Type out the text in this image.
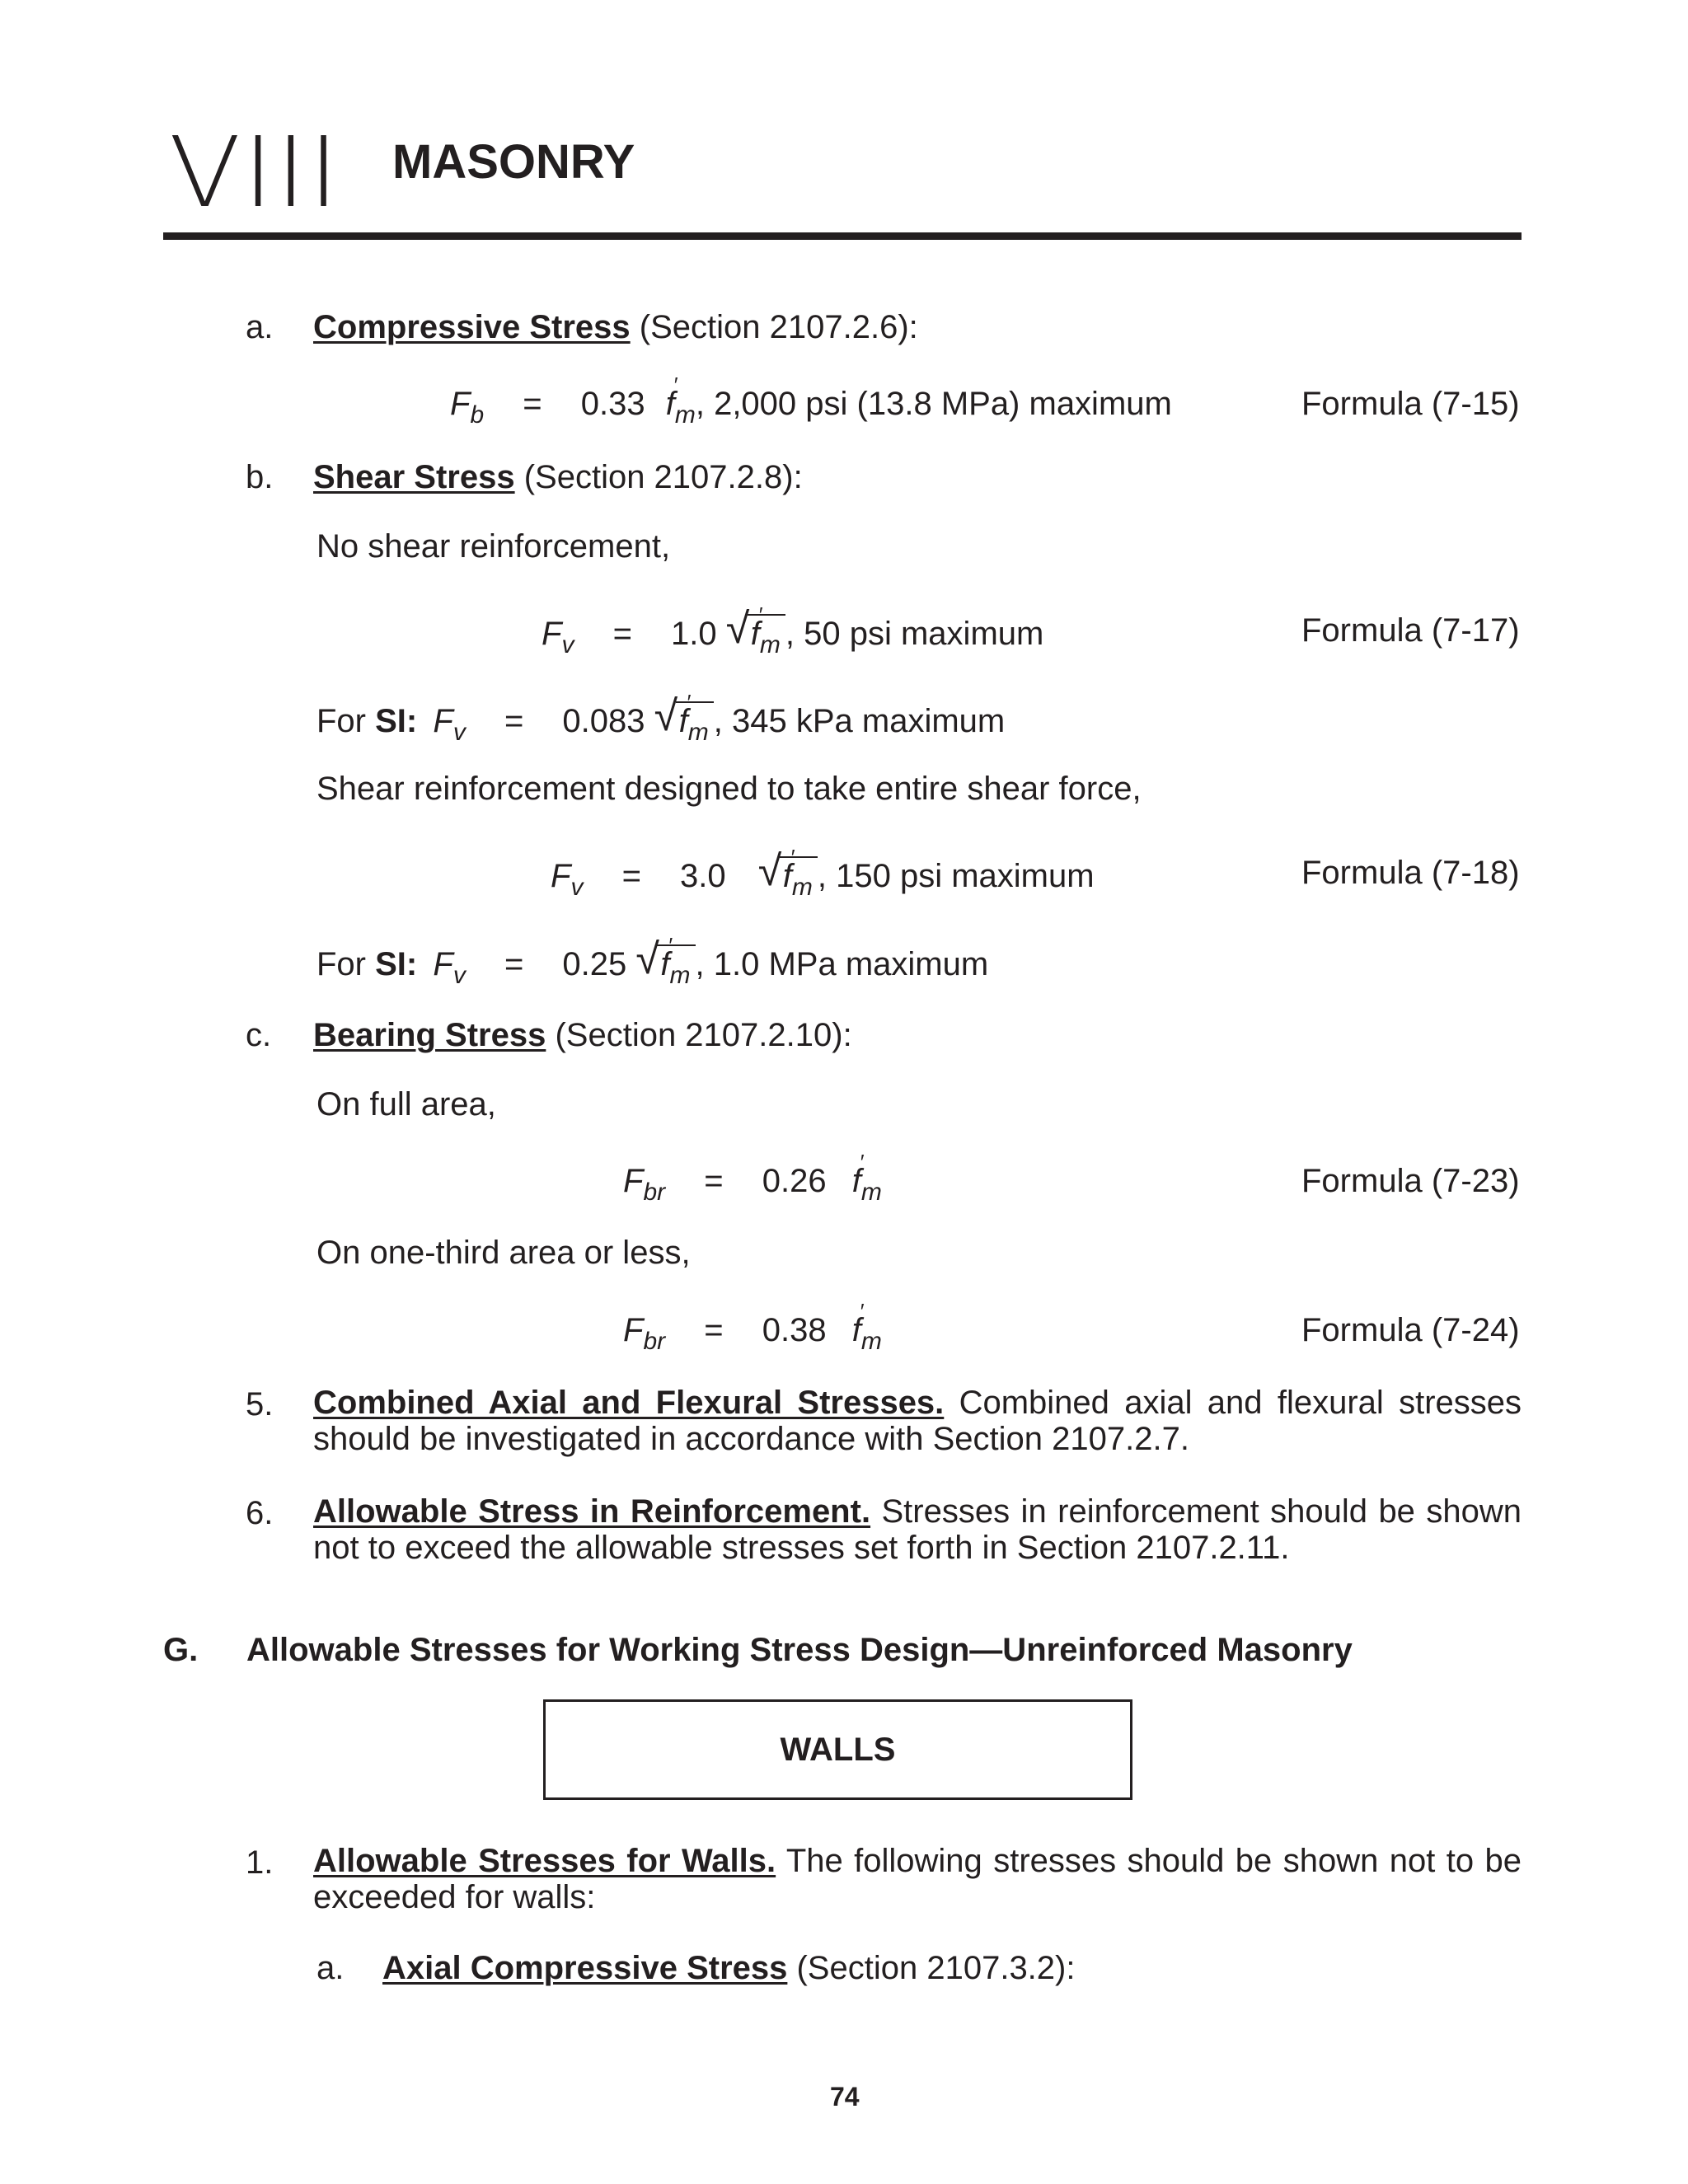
VIII MASONRY
a. Compressive Stress (Section 2107.2.6):
$F_b = 0.33$ f $'_m$, 2,000 psi (13.8 MPa) maximum	Formula (7-15)
b. Shear Stress (Section 2107.2.8):
No shear reinforcement,
$F_v = 1.0$ √ f $'_m$ , 50 psi maximum	Formula (7-17)
For SI: $F_v = 0.083$ √ f $'_m$ , 345 kPa maximum
Shear reinforcement designed to take entire shear force,
$F_v = 3.0$ √ f $'_m$ , 150 psi maximum	Formula (7-18)
For SI: $F_v = 0.25$ √ f $'_m$ , 1.0 MPa maximum
c. Bearing Stress (Section 2107.2.10):
On full area,
$F_{br} = 0.26$ f $'_m$	Formula (7-23)
On one-third area or less,
$F_{br} = 0.38$ f $'_m$	Formula (7-24)
5. Combined Axial and Flexural Stresses. Combined axial and flexural stresses should be investigated in accordance with Section 2107.2.7.
6. Allowable Stress in Reinforcement. Stresses in reinforcement should be shown not to exceed the allowable stresses set forth in Section 2107.2.11.
G. Allowable Stresses for Working Stress Design—Unreinforced Masonry
WALLS
1. Allowable Stresses for Walls. The following stresses should be shown not to be exceeded for walls:
a. Axial Compressive Stress (Section 2107.3.2):
74
